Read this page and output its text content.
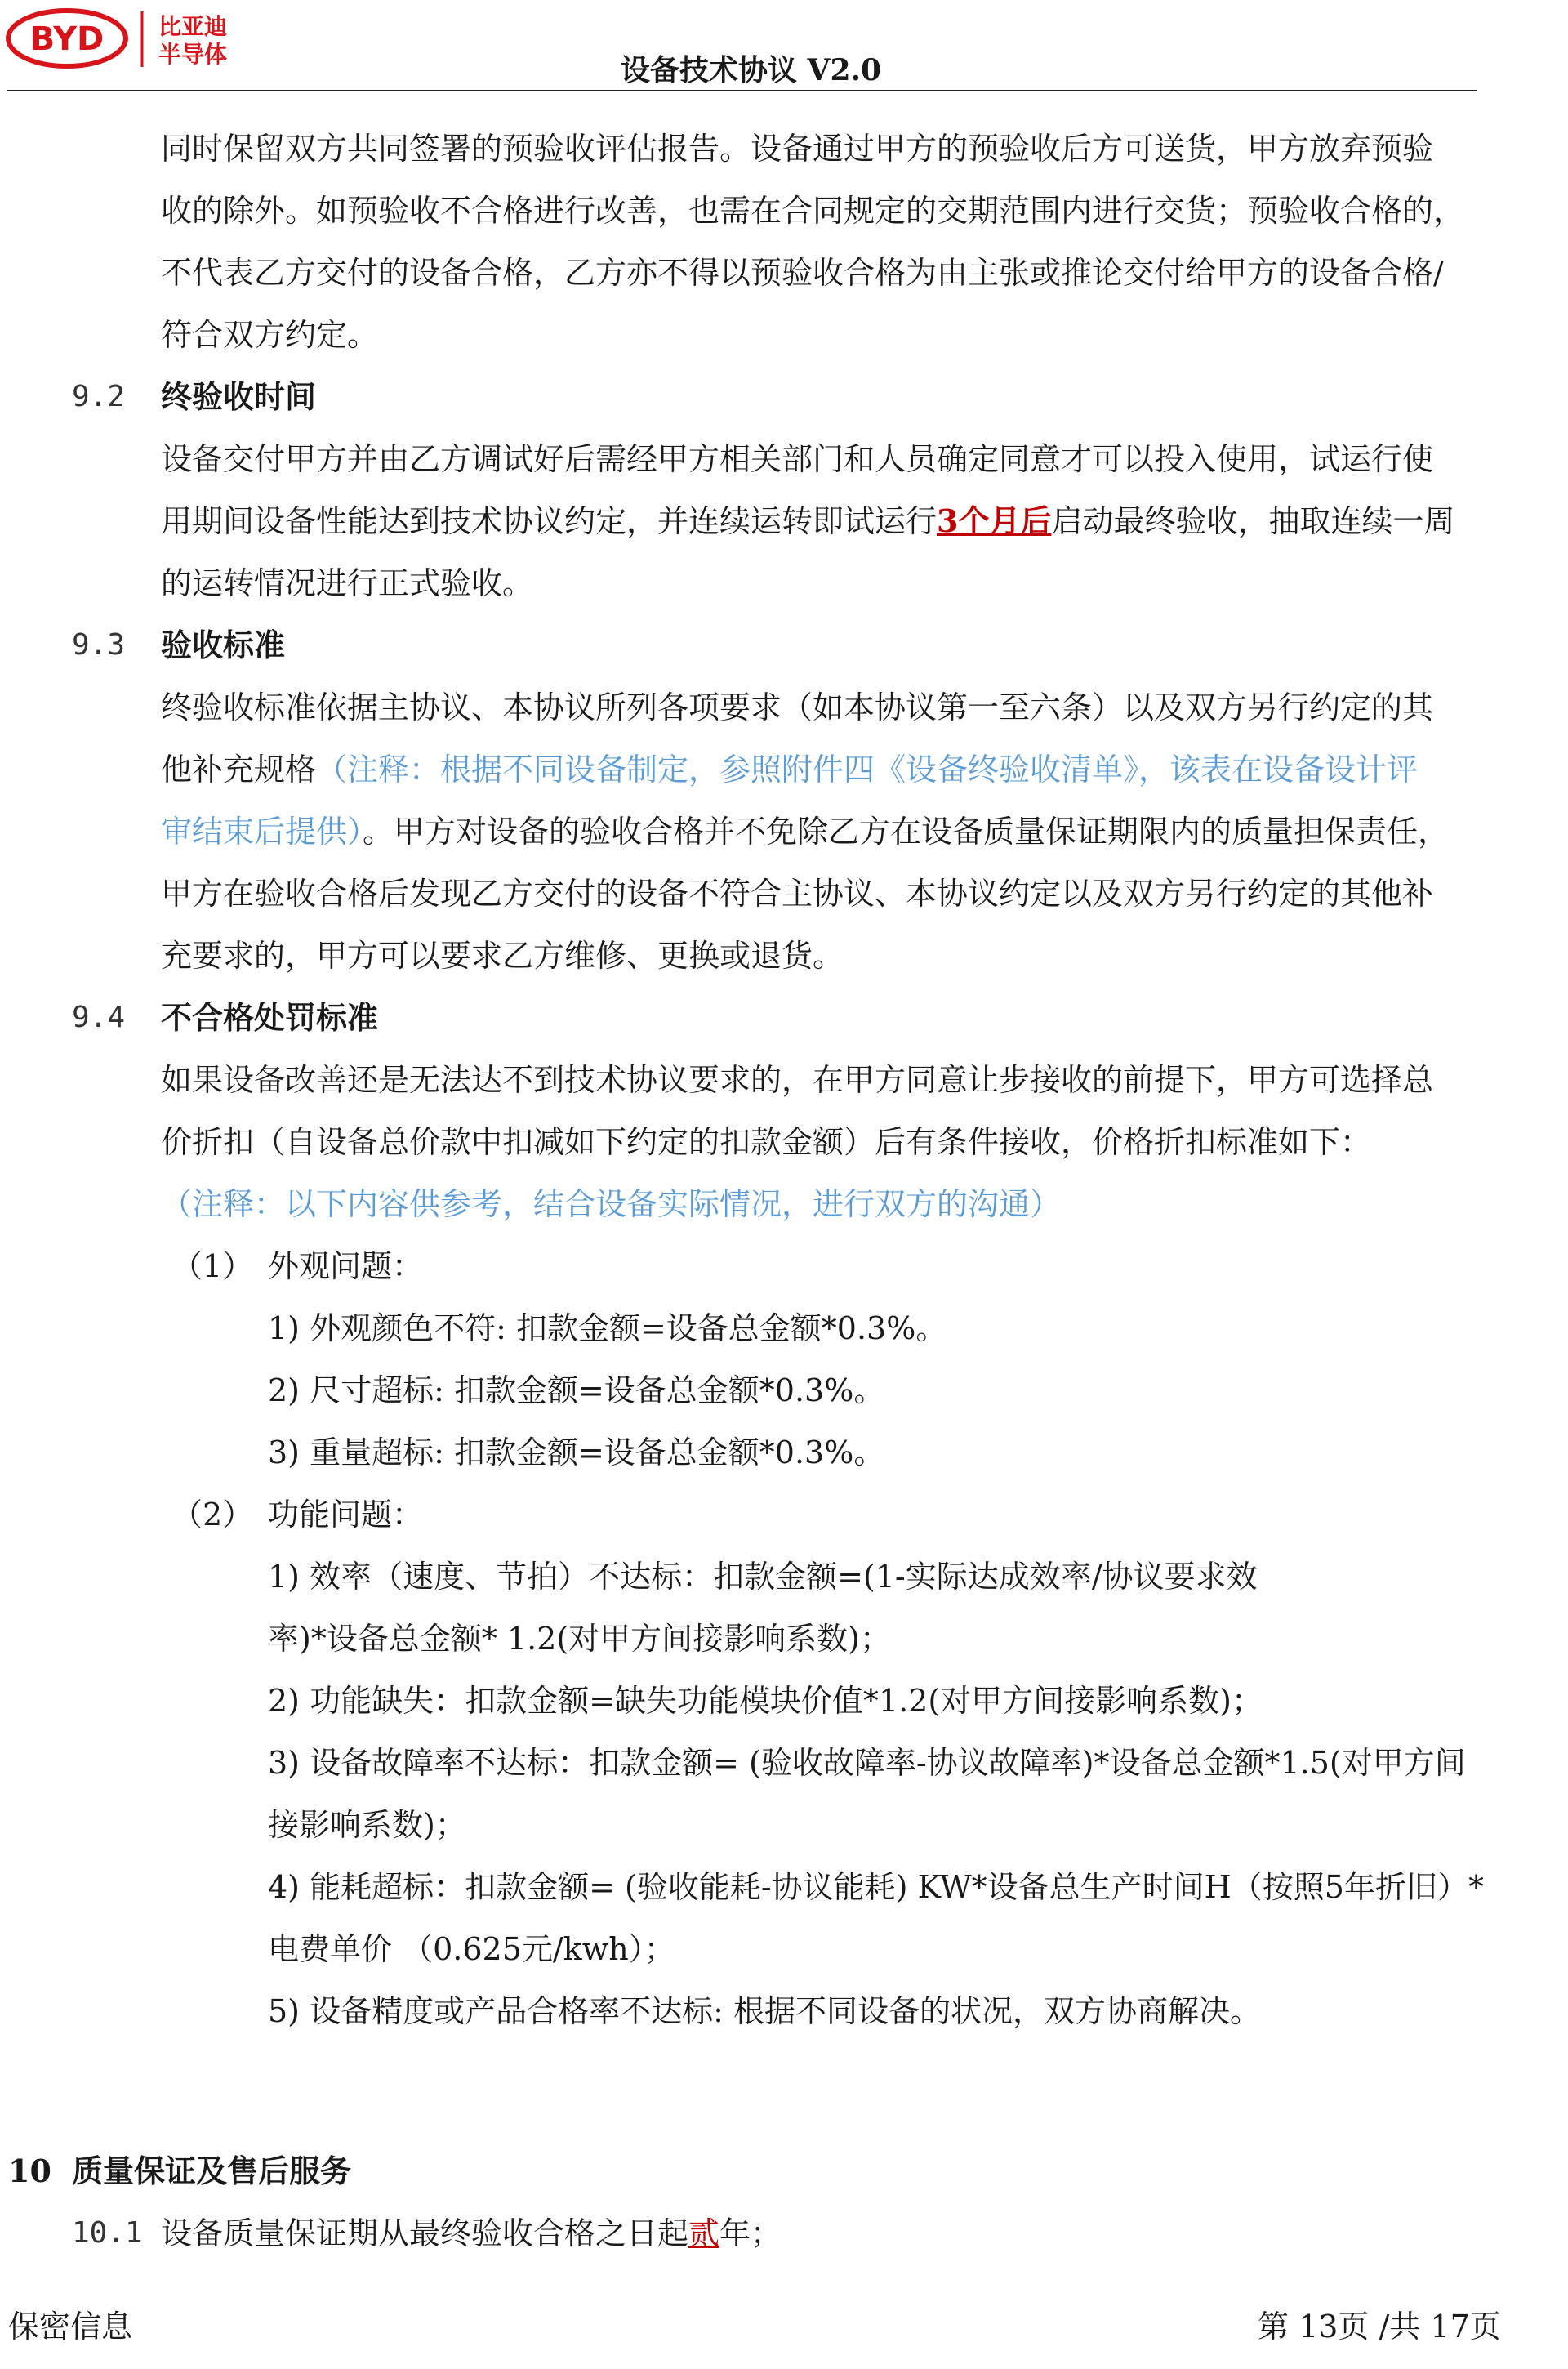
BYD 比亚迪
半导体	设备技术协议 V2.0
同时保留双方共同签署的预验收评估报告。设备通过甲方的预验收后方可送货，甲方放弃预验
收的除外。如预验收不合格进行改善，也需在合同规定的交期范围内进行交货；预验收合格的，
不代表乙方交付的设备合格，乙方亦不得以预验收合格为由主张或推论交付给甲方的设备合格/
符合双方约定。
9.2 终验收时间
设备交付甲方并由乙方调试好后需经甲方相关部门和人员确定同意才可以投入使用，试运行使
用期间设备性能达到技术协议约定，并连续运转即试运行3个月后启动最终验收，抽取连续一周
的运转情况进行正式验收。
9.3 验收标准
终验收标准依据主协议、本协议所列各项要求（如本协议第一至六条）以及双方另行约定的其
他补充规格（注释：根据不同设备制定，参照附件四《设备终验收清单》，该表在设备设计评
审结束后提供）。甲方对设备的验收合格并不免除乙方在设备质量保证期限内的质量担保责任，
甲方在验收合格后发现乙方交付的设备不符合主协议、本协议约定以及双方另行约定的其他补
充要求的，甲方可以要求乙方维修、更换或退货。
9.4 不合格处罚标准
如果设备改善还是无法达不到技术协议要求的，在甲方同意让步接收的前提下，甲方可选择总
价折扣（自设备总价款中扣减如下约定的扣款金额）后有条件接收，价格折扣标准如下：
（注释：以下内容供参考，结合设备实际情况，进行双方的沟通）
（1） 外观问题：
1) 外观颜色不符: 扣款金额=设备总金额*0.3%。
2) 尺寸超标: 扣款金额=设备总金额*0.3%。
3) 重量超标: 扣款金额=设备总金额*0.3%。
（2） 功能问题：
1) 效率（速度、节拍）不达标：扣款金额=(1-实际达成效率/协议要求效
率)*设备总金额* 1.2(对甲方间接影响系数)；
2) 功能缺失：扣款金额=缺失功能模块价值*1.2(对甲方间接影响系数)；
3) 设备故障率不达标：扣款金额= (验收故障率-协议故障率)*设备总金额*1.5(对甲方间
接影响系数)；
4) 能耗超标：扣款金额= (验收能耗-协议能耗) KW*设备总生产时间H（按照5年折旧）*
电费单价 （0.625元/kwh）；
5) 设备精度或产品合格率不达标: 根据不同设备的状况，双方协商解决。
10 质量保证及售后服务
10.1 设备质量保证期从最终验收合格之日起贰年；
保密信息	第 13页 /共 17页
